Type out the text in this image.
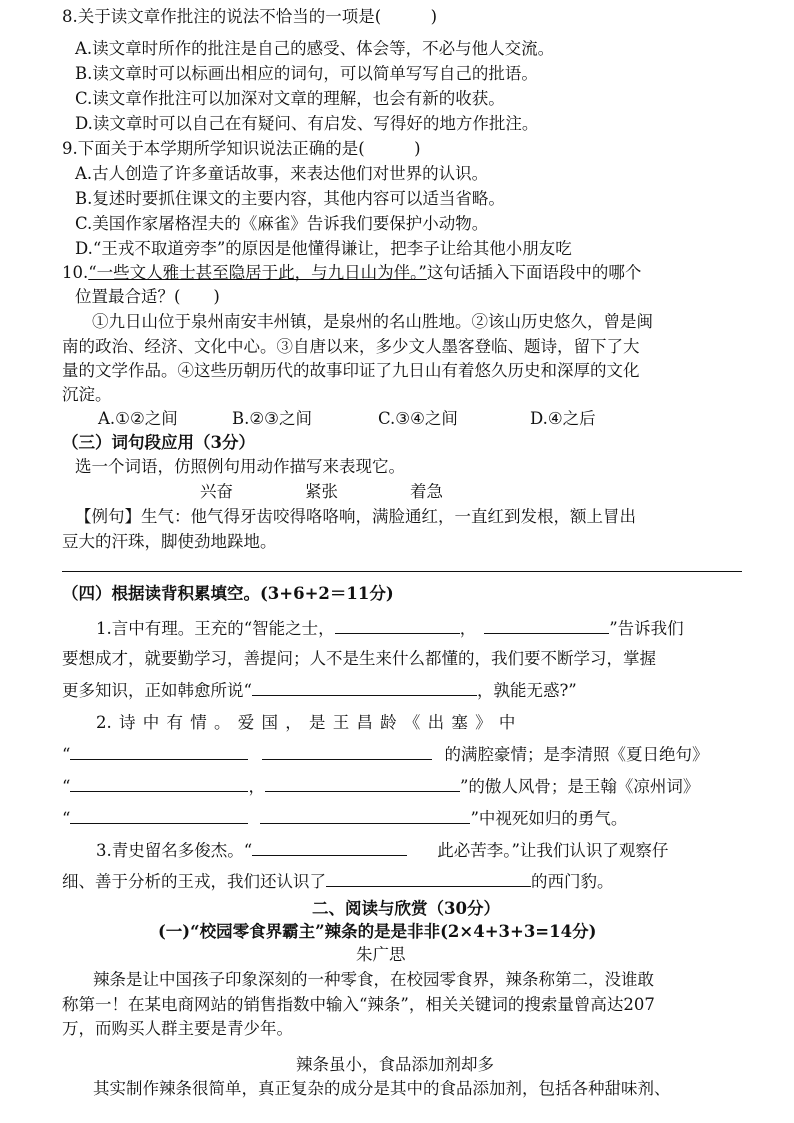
8.关于读文章作批注的说法不恰当的一项是(　　　)
A.读文章时所作的批注是自己的感受、体会等，不必与他人交流。
B.读文章时可以标画出相应的词句，可以简单写写自己的批语。
C.读文章作批注可以加深对文章的理解，也会有新的收获。
D.读文章时可以自己在有疑问、有启发、写得好的地方作批注。
9.下面关于本学期所学知识说法正确的是(　　　)
A.古人创造了许多童话故事，来表达他们对世界的认识。
B.复述时要抓住课文的主要内容，其他内容可以适当省略。
C.美国作家屠格涅夫的《麻雀》告诉我们要保护小动物。
D.“王戎不取道旁李”的原因是他懂得谦让，把李子让给其他小朋友吃
10.“一些文人雅士甚至隐居于此，与九日山为伴。”这句话插入下面语段中的哪个
位置最合适？(　　)
①九日山位于泉州南安丰州镇，是泉州的名山胜地。②该山历史悠久，曾是闽
南的政治、经济、文化中心。③自唐以来，多少文人墨客登临、题诗，留下了大
量的文学作品。④这些历朝历代的故事印证了九日山有着悠久历史和深厚的文化
沉淀。
A.①②之间	B.②③之间	C.③④之间	D.④之后
（三）词句段应用（3分）
选一个词语，仿照例句用动作描写来表现它。
兴奋	紧张	着急
【例句】生气：他气得牙齿咬得咯咯响，满脸通红，一直红到发根，额上冒出
豆大的汗珠，脚使劲地跺地。
（四）根据读背积累填空。(3+6+2＝11分)
1.言中有理。王充的“智能之士，	，	”告诉我们
要想成才，就要勤学习，善提问；人不是生来什么都懂的，我们要不断学习，掌握
更多知识，正如韩愈所说“	，孰能无惑?”
2. 诗 中 有 情 。 爱 国 ， 是 王 昌 龄 《 出 塞 》 中
“	的满腔豪情；是李清照《夏日绝句》
“	，	”的傲人风骨；是王翰《凉州词》
“	”中视死如归的勇气。
3.青史留名多俊杰。“	此必苦李。”让我们认识了观察仔
细、善于分析的王戎，我们还认识了	的西门豹。
二、阅读与欣赏（30分）
(一)“校园零食界霸主”辣条的是是非非(2×4+3+3=14分)
朱广思
辣条是让中国孩子印象深刻的一种零食，在校园零食界，辣条称第二，没谁敢
称第一！在某电商网站的销售指数中输入“辣条”，相关关键词的搜索量曾高达207
万，而购买人群主要是青少年。
辣条虽小，食品添加剂却多
其实制作辣条很简单，真正复杂的成分是其中的食品添加剂，包括各种甜味剂、
